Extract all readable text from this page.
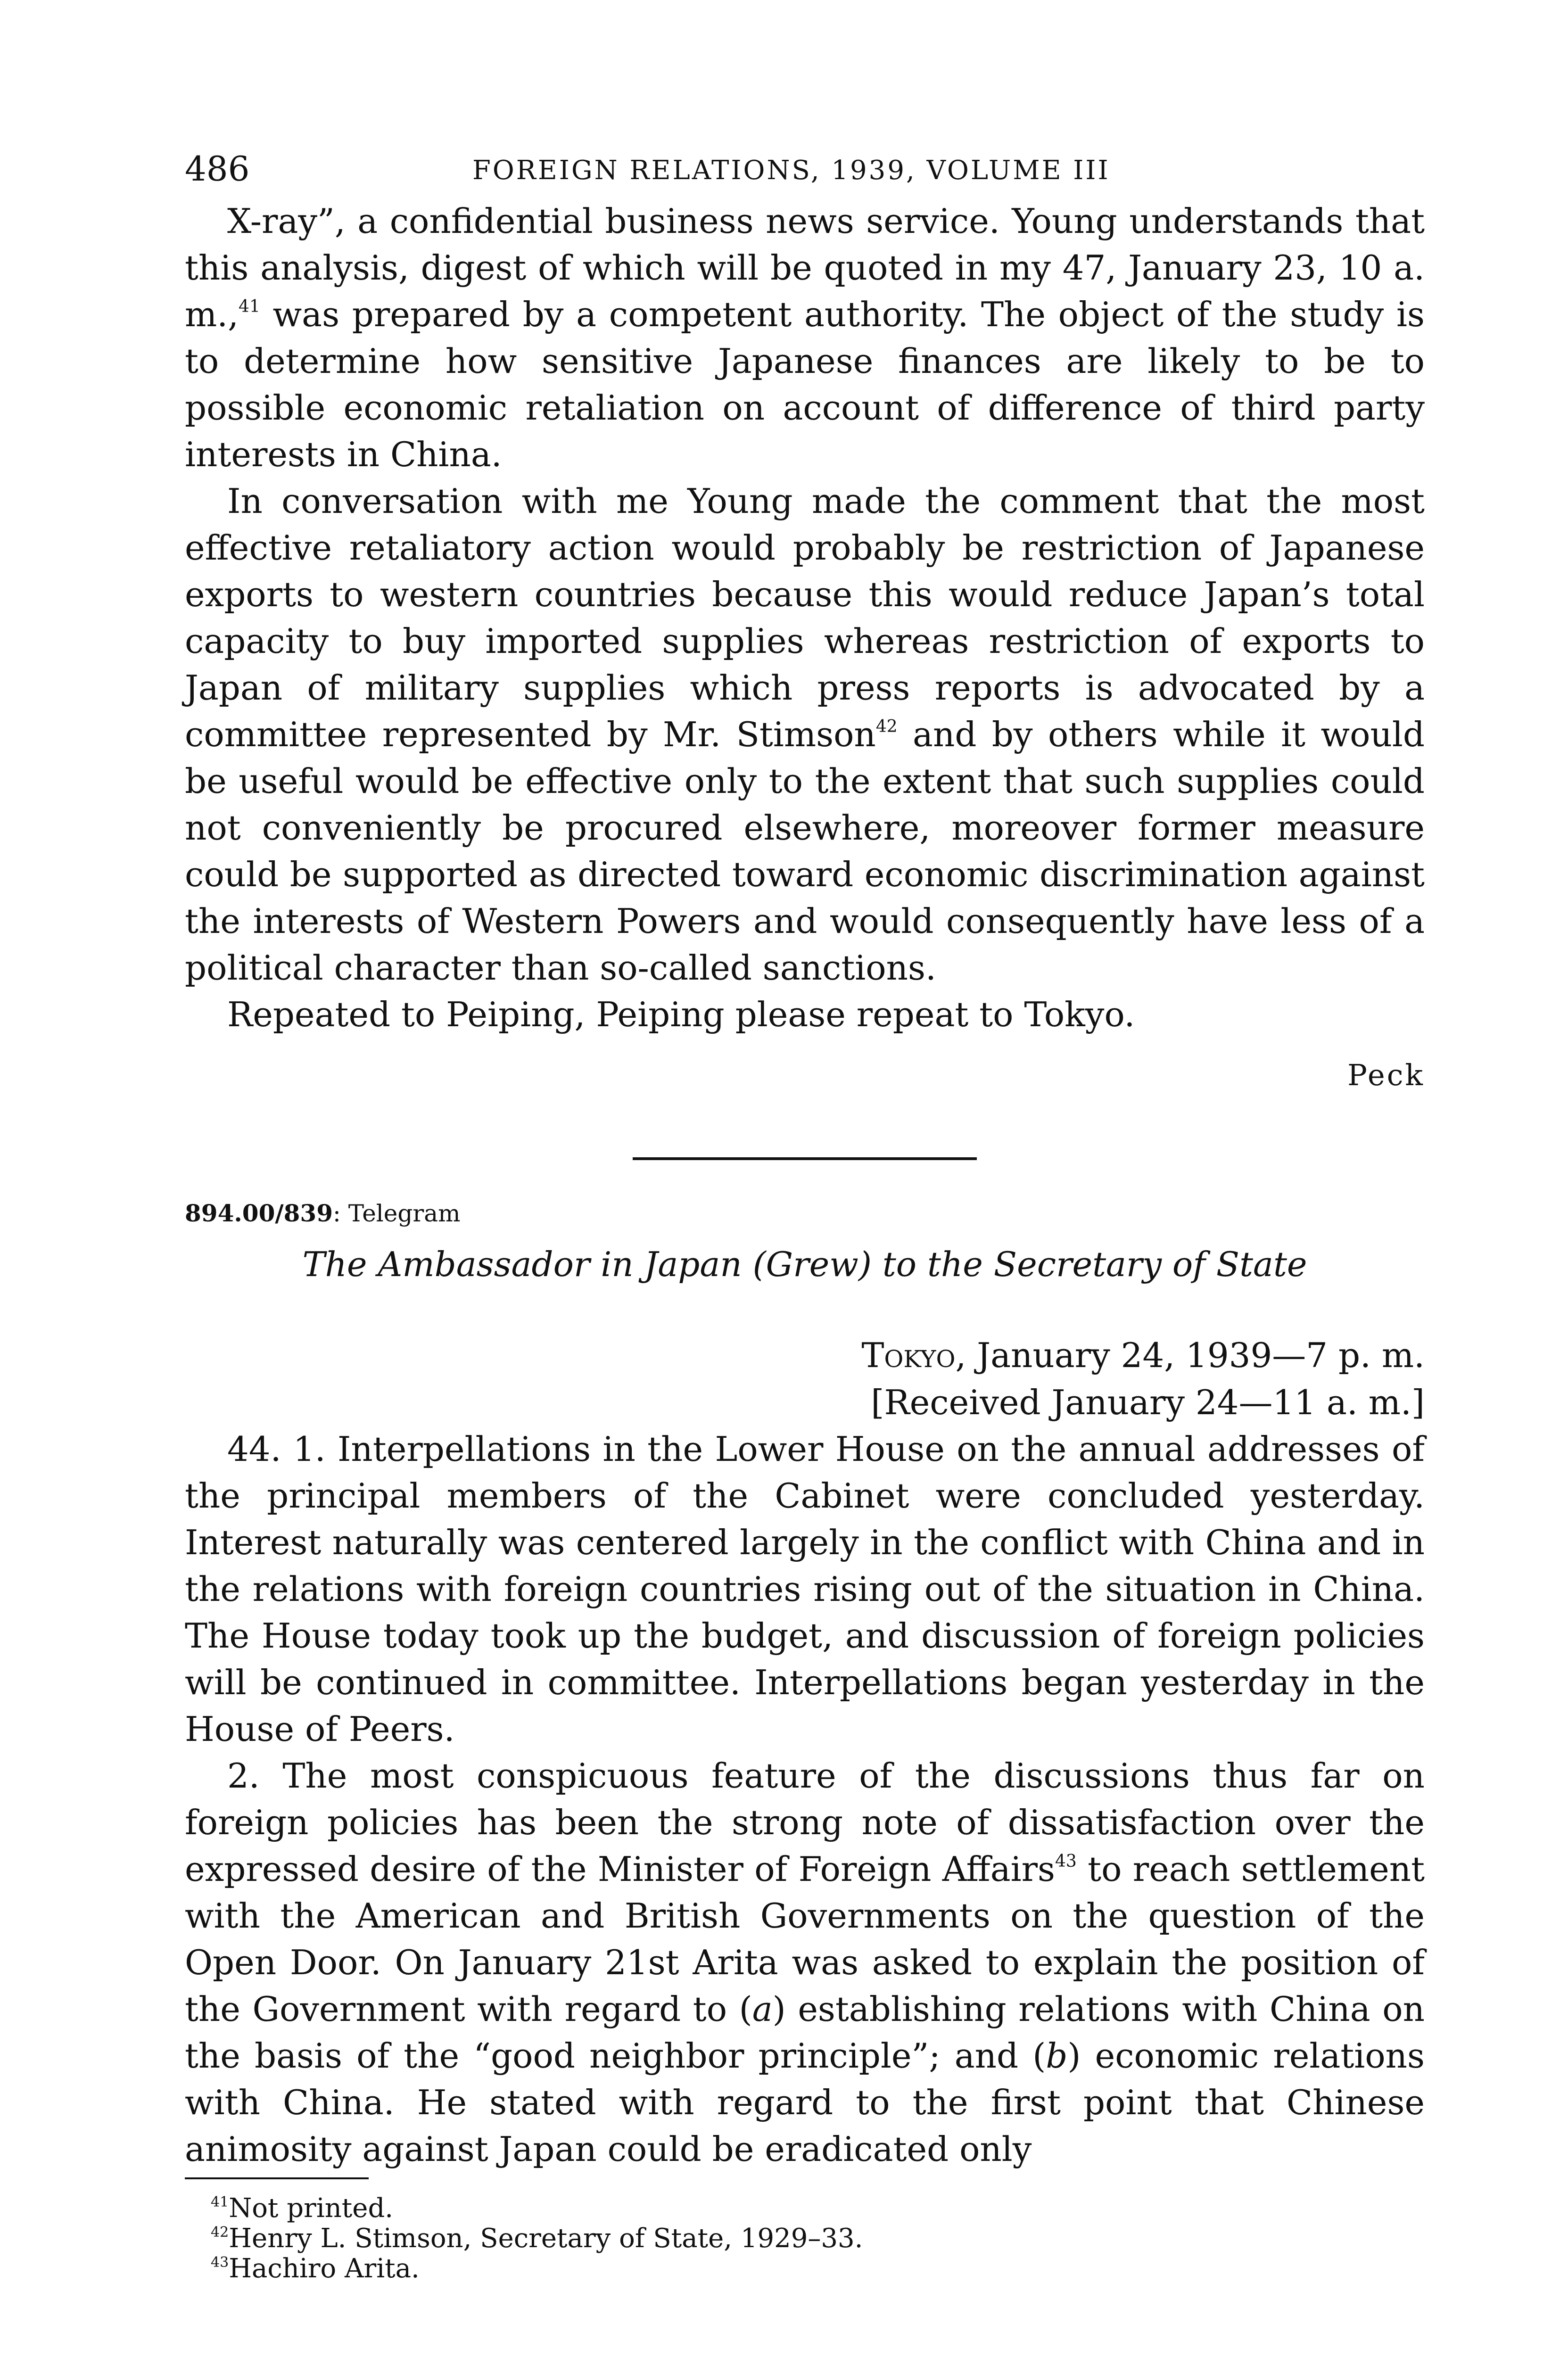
486	FOREIGN RELATIONS, 1939, VOLUME III

X-ray”, a confidential business news service. Young understands that this analysis, digest of which will be quoted in my 47, January 23, 10 a. m.,$^{41}$ was prepared by a competent authority. The object of the study is to determine how sensitive Japanese finances are likely to be to possible economic retaliation on account of difference of third party interests in China.

In conversation with me Young made the comment that the most effective retaliatory action would probably be restriction of Japanese exports to western countries because this would reduce Japan’s total capacity to buy imported supplies whereas restriction of exports to Japan of military supplies which press reports is advocated by a committee represented by Mr. Stimson$^{42}$ and by others while it would be useful would be effective only to the extent that such supplies could not conveniently be procured elsewhere, moreover former measure could be supported as directed toward economic discrimination against the interests of Western Powers and would consequently have less of a political character than so-called sanctions.

Repeated to Peiping, Peiping please repeat to Tokyo.

Peck
894.00/839: Telegram
The Ambassador in Japan (Grew) to the Secretary of State

Tokyo, January 24, 1939—7 p. m.

[Received January 24—11 a. m.]

44. 1. Interpellations in the Lower House on the annual addresses of the principal members of the Cabinet were concluded yesterday. Interest naturally was centered largely in the conflict with China and in the relations with foreign countries rising out of the situation in China. The House today took up the budget, and discussion of foreign policies will be continued in committee. Interpellations began yesterday in the House of Peers.

2. The most conspicuous feature of the discussions thus far on foreign policies has been the strong note of dissatisfaction over the expressed desire of the Minister of Foreign Affairs$^{43}$ to reach settlement with the American and British Governments on the question of the Open Door. On January 21st Arita was asked to explain the position of the Government with regard to (a) establishing relations with China on the basis of the “good neighbor principle”; and (b) economic relations with China. He stated with regard to the first point that Chinese animosity against Japan could be eradicated only

$^{41}$Not printed.

$^{42}$Henry L. Stimson, Secretary of State, 1929–33.

$^{43}$Hachiro Arita.
